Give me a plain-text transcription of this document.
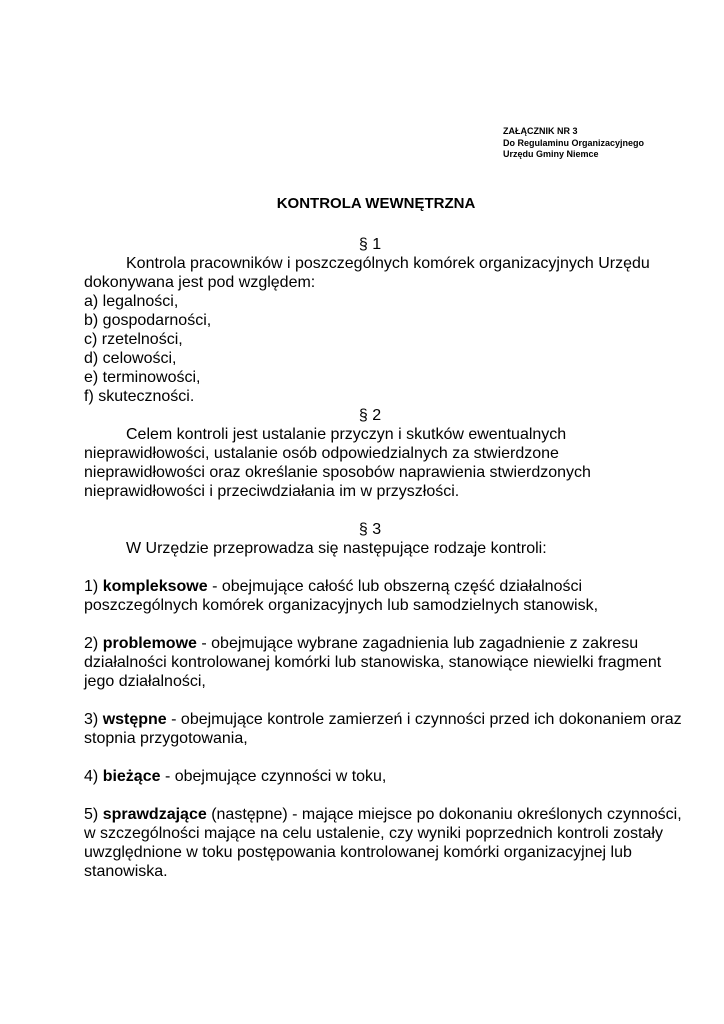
ZAŁĄCZNIK NR 3
Do Regulaminu Organizacyjnego
Urzędu Gminy Niemce
KONTROLA WEWNĘTRZNA

§ 1

Kontrola pracowników i poszczególnych komórek organizacyjnych Urzędu dokonywana jest pod względem:

a) legalności,

b) gospodarności,

c) rzetelności,

d) celowości,

e) terminowości,

f) skuteczności.

§ 2

Celem kontroli jest ustalanie przyczyn i skutków ewentualnych nieprawidłowości, ustalanie osób odpowiedzialnych za stwierdzone nieprawidłowości oraz określanie sposobów naprawienia stwierdzonych nieprawidłowości i przeciwdziałania im w przyszłości.

§ 3

W Urzędzie przeprowadza się następujące rodzaje kontroli:

1) kompleksowe - obejmujące całość lub obszerną część działalności poszczególnych komórek organizacyjnych lub samodzielnych stanowisk,

2) problemowe - obejmujące wybrane zagadnienia lub zagadnienie z zakresu działalności kontrolowanej komórki lub stanowiska, stanowiące niewielki fragment jego działalności,

3) wstępne - obejmujące kontrole zamierzeń i czynności przed ich dokonaniem oraz stopnia przygotowania,

4) bieżące - obejmujące czynności w toku,

5) sprawdzające (następne) - mające miejsce po dokonaniu określonych czynności, w szczególności mające na celu ustalenie, czy wyniki poprzednich kontroli zostały uwzględnione w toku postępowania kontrolowanej komórki organizacyjnej lub stanowiska.
